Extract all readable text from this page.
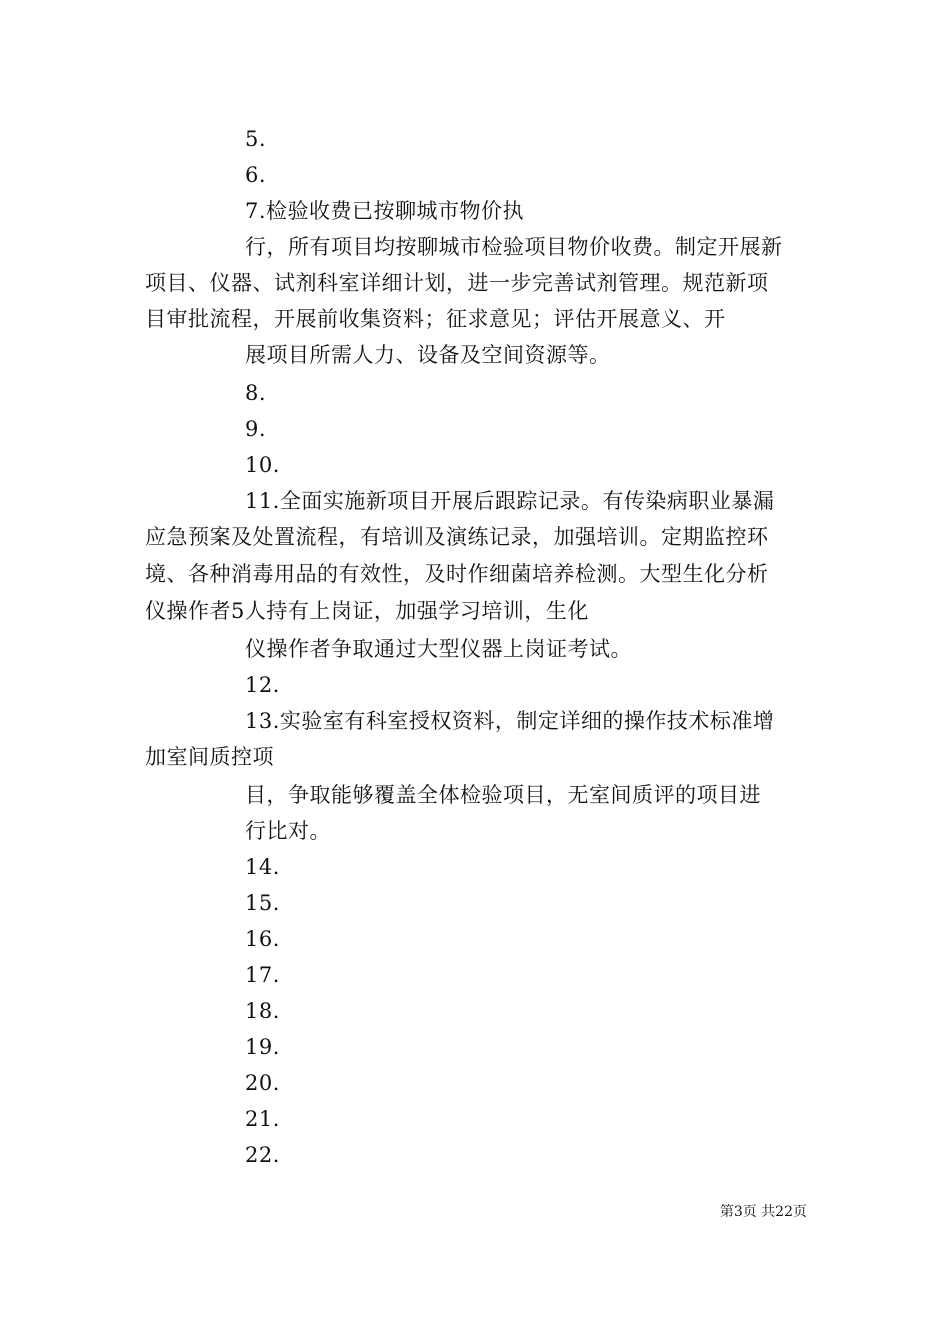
5.
6.
7.检验收费已按聊城市物价执
行，所有项目均按聊城市检验项目物价收费。制定开展新
项目、仪器、试剂科室详细计划，进一步完善试剂管理。规范新项
目审批流程，开展前收集资料；征求意见；评估开展意义、开
展项目所需人力、设备及空间资源等。
8.
9.
10.
11.全面实施新项目开展后跟踪记录。有传染病职业暴漏
应急预案及处置流程，有培训及演练记录，加强培训。定期监控环
境、各种消毒用品的有效性，及时作细菌培养检测。大型生化分析
仪操作者5人持有上岗证，加强学习培训，生化
仪操作者争取通过大型仪器上岗证考试。
12.
13.实验室有科室授权资料，制定详细的操作技术标准增
加室间质控项
目，争取能够覆盖全体检验项目，无室间质评的项目进
行比对。
14.
15.
16.
17.
18.
19.
20.
21.
22.
第3页 共22页
